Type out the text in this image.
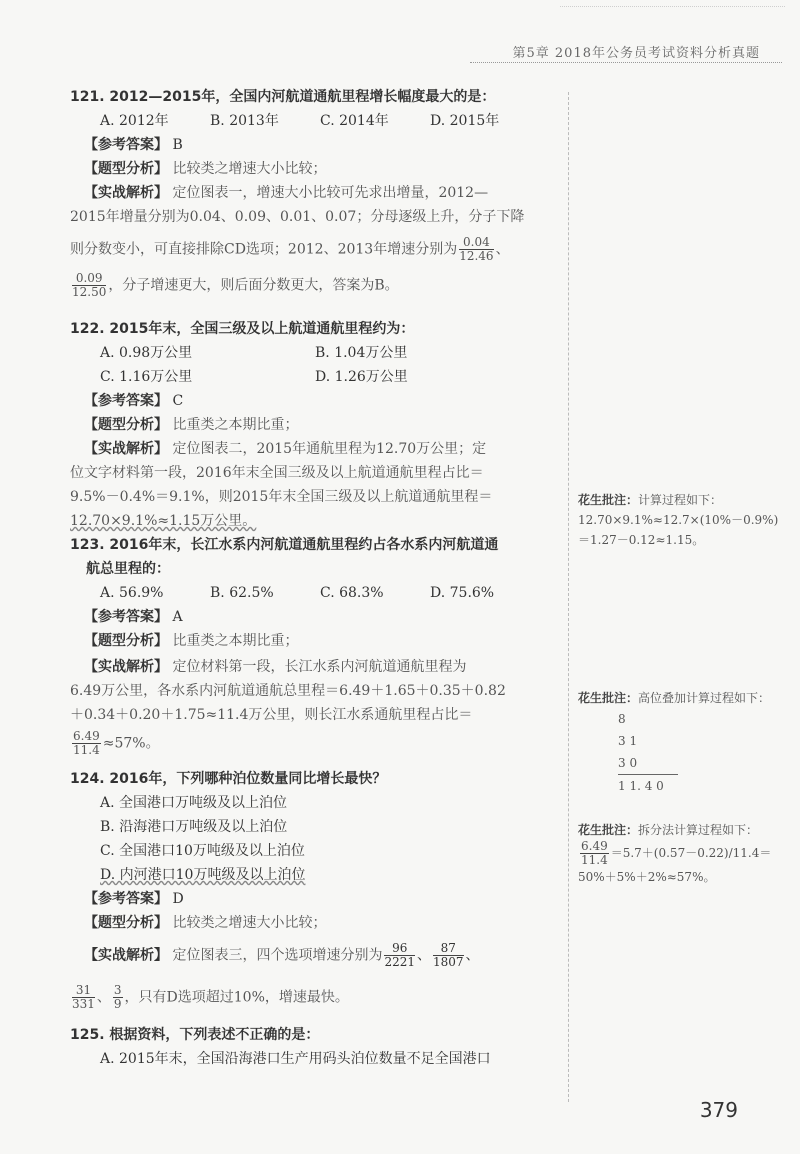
第5章 2018年公务员考试资料分析真题
121. 2012—2015年，全国内河航道通航里程增长幅度最大的是：
A. 2012年	B. 2013年	C. 2014年	D. 2015年
【参考答案】 B
【题型分析】 比较类之增速大小比较；
【实战解析】 定位图表一，增速大小比较可先求出增量，2012—
2015年增量分别为0.04、0.09、0.01、0.07；分母逐级上升，分子下降
则分数变小，可直接排除CD选项；2012、2013年增速分别为 $\frac{0.04}{12.46}$ 、
$\frac{0.09}{12.50}$ ，分子增速更大，则后面分数更大，答案为B。
122. 2015年末，全国三级及以上航道通航里程约为：
A. 0.98万公里	B. 1.04万公里
C. 1.16万公里	D. 1.26万公里
【参考答案】 C
【题型分析】 比重类之本期比重；
【实战解析】 定位图表二，2015年通航里程为12.70万公里；定
位文字材料第一段，2016年末全国三级及以上航道通航里程占比＝
9.5%－0.4%＝9.1%，则2015年末全国三级及以上航道通航里程＝
12.70×9.1%≈1.15万公里。
123. 2016年末，长江水系内河航道通航里程约占各水系内河航道通
航总里程的：
A. 56.9%	B. 62.5%	C. 68.3%	D. 75.6%
【参考答案】 A
【题型分析】 比重类之本期比重；
【实战解析】 定位材料第一段，长江水系内河航道通航里程为
6.49万公里，各水系内河航道通航总里程＝6.49＋1.65＋0.35＋0.82
＋0.34＋0.20＋1.75≈11.4万公里，则长江水系通航里程占比＝
$\frac{6.49}{11.4} \approx 57\%$。
124. 2016年，下列哪种泊位数量同比增长最快？
A. 全国港口万吨级及以上泊位
B. 沿海港口万吨级及以上泊位
C. 全国港口10万吨级及以上泊位
D. 内河港口10万吨级及以上泊位
【参考答案】 D
【题型分析】 比较类之增速大小比较；
【实战解析】 定位图表三，四个选项增速分别为 $\frac{96}{2221}$ 、 $\frac{87}{1807}$ 、
$\frac{31}{331}$ 、 $\frac{3}{9}$ ，只有D选项超过10%，增速最快。
125. 根据资料，下列表述不正确的是：
A. 2015年末，全国沿海港口生产用码头泊位数量不足全国港口
花生批注：计算过程如下：12.70×9.1%≈12.7×(10%－0.9%)＝1.27－0.12≈1.15。
花生批注：高位叠加计算过程如下：
8
3 1
3 0
1 1. 4 0
花生批注：拆分法计算过程如下：

$\frac{6.49}{11.4} =5.7+(0.57-0.22)/11.4=50\%+5\%+2\%\approx 57\%$。
379
